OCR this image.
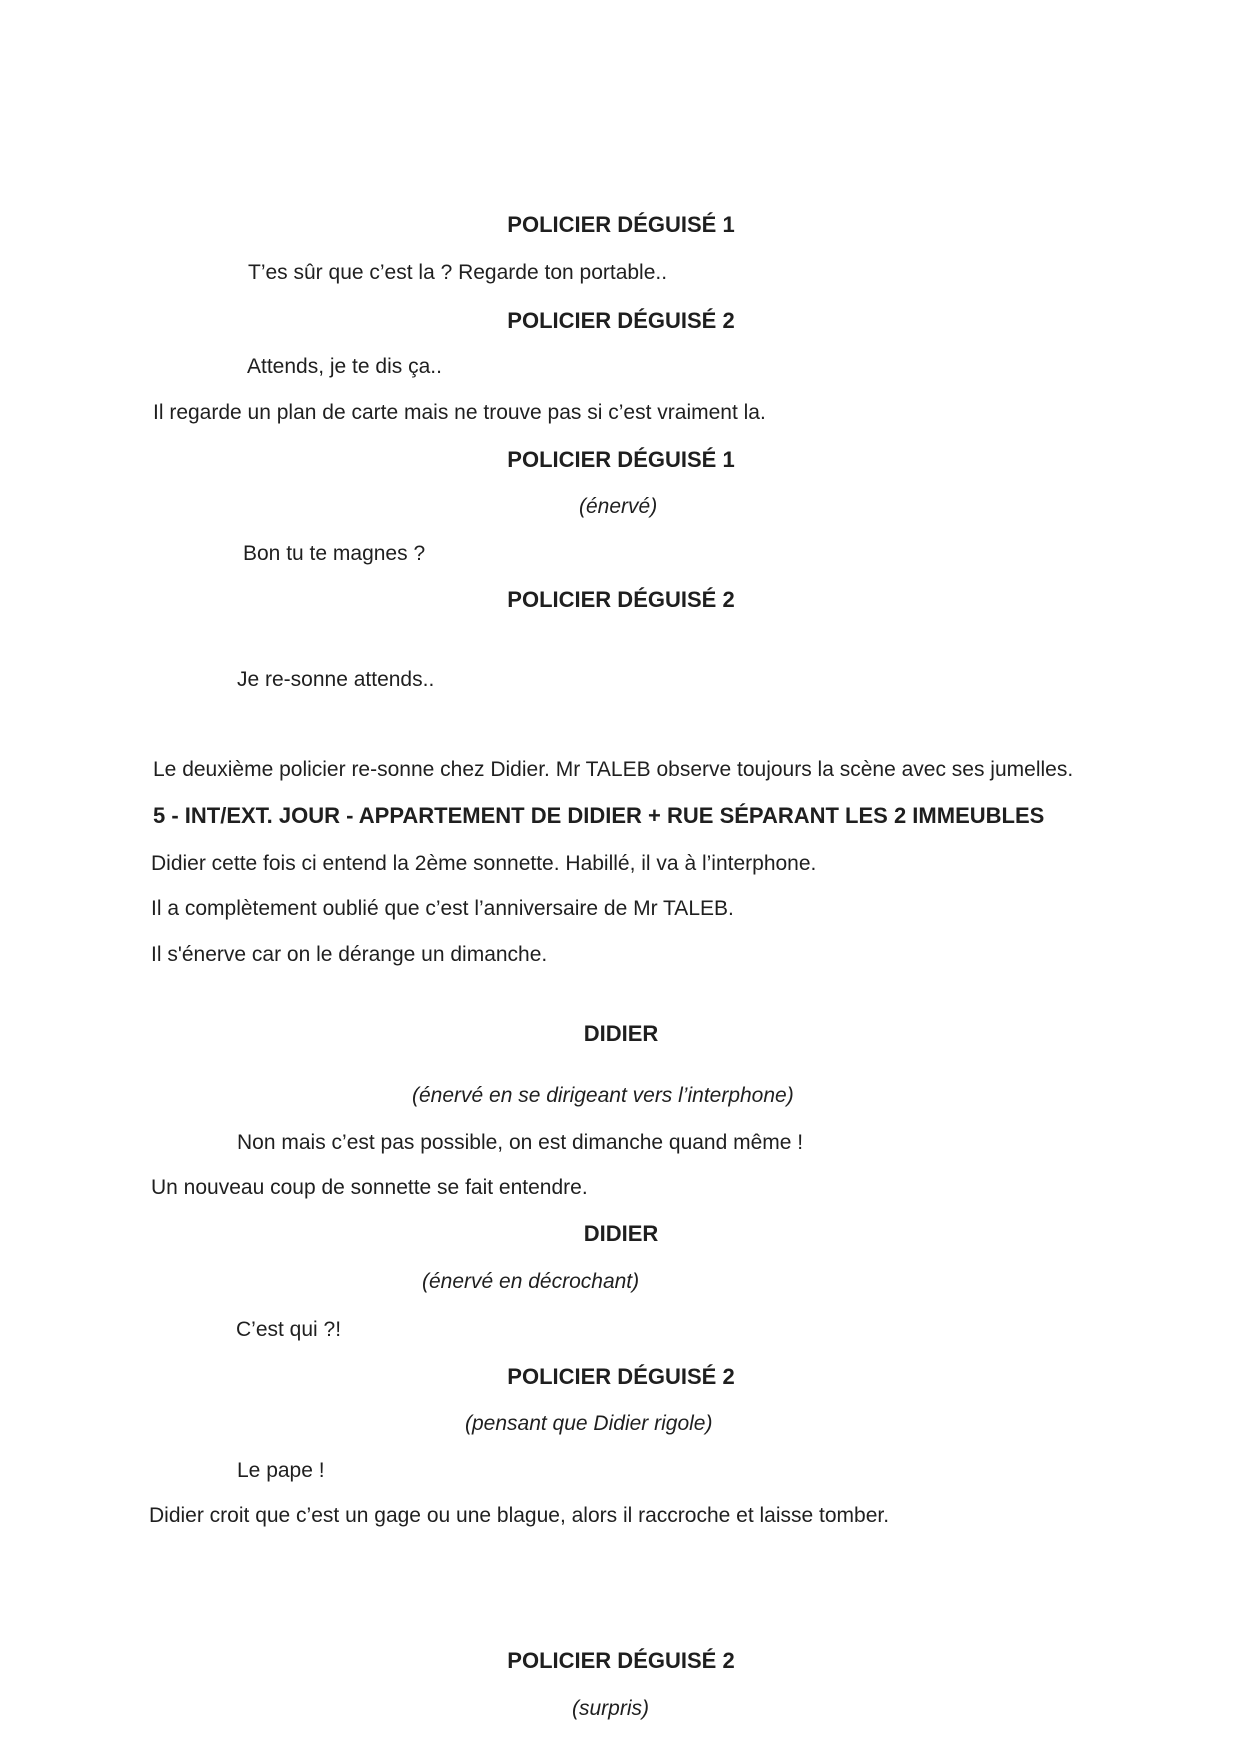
POLICIER DÉGUISÉ 1
T’es sûr que c’est la ? Regarde ton portable..
POLICIER DÉGUISÉ 2
Attends, je te dis ça..
Il regarde un plan de carte mais ne trouve pas si c’est vraiment la.
POLICIER DÉGUISÉ 1
(énervé)
Bon tu te magnes ?
POLICIER DÉGUISÉ 2
Je re-sonne attends..
Le deuxième policier re-sonne chez Didier. Mr TALEB observe toujours la scène avec ses jumelles.
5 - INT/EXT. JOUR - APPARTEMENT DE DIDIER + RUE SÉPARANT LES 2 IMMEUBLES
Didier cette fois ci entend la 2ème sonnette. Habillé, il va à l’interphone.
Il a complètement oublié que c’est l’anniversaire de Mr TALEB.
Il s'énerve car on le dérange un dimanche.
DIDIER
(énervé en se dirigeant vers l’interphone)
Non mais c’est pas possible, on est dimanche quand même !
Un nouveau coup de sonnette se fait entendre.
DIDIER
(énervé en décrochant)
C’est qui ?!
POLICIER DÉGUISÉ 2
(pensant que Didier rigole)
Le pape !
Didier croit que c’est un gage ou une blague, alors il raccroche et laisse tomber.
POLICIER DÉGUISÉ 2
(surpris)
